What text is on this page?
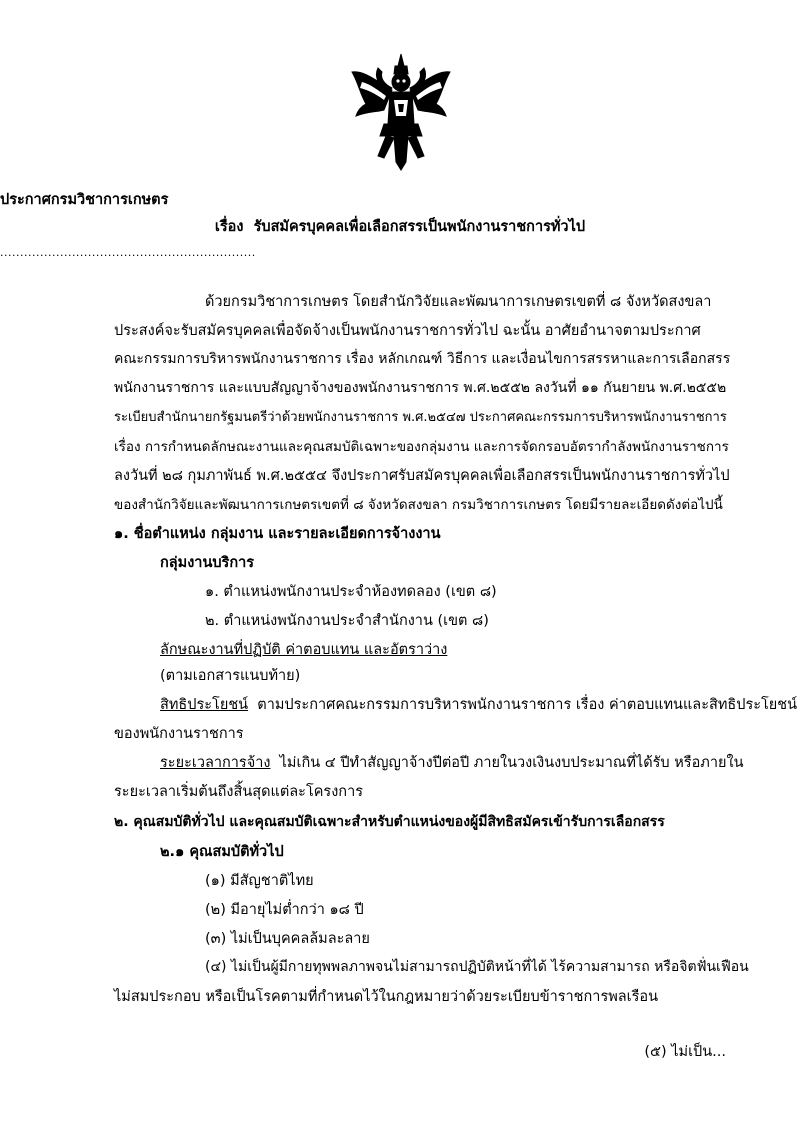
ประกาศกรมวิชาการเกษตร
เรื่อง รับสมัครบุคคลเพื่อเลือกสรรเป็นพนักงานราชการทั่วไป
................................................................
ด้วยกรมวิชาการเกษตร โดยสำนักวิจัยและพัฒนาการเกษตรเขตที่ ๘ จังหวัดสงขลา
ประสงค์จะรับสมัครบุคคลเพื่อจัดจ้างเป็นพนักงานราชการทั่วไป ฉะนั้น อาศัยอำนาจตามประกาศ
คณะกรรมการบริหารพนักงานราชการ เรื่อง หลักเกณฑ์ วิธีการ และเงื่อนไขการสรรหาและการเลือกสรร
พนักงานราชการ และแบบสัญญาจ้างของพนักงานราชการ พ.ศ.๒๕๕๒ ลงวันที่ ๑๑ กันยายน พ.ศ.๒๕๕๒
ระเบียบสำนักนายกรัฐมนตรีว่าด้วยพนักงานราชการ พ.ศ.๒๕๔๗ ประกาศคณะกรรมการบริหารพนักงานราชการ
เรื่อง การกำหนดลักษณะงานและคุณสมบัติเฉพาะของกลุ่มงาน และการจัดกรอบอัตรากำลังพนักงานราชการ
ลงวันที่ ๒๘ กุมภาพันธ์ พ.ศ.๒๕๕๔ จึงประกาศรับสมัครบุคคลเพื่อเลือกสรรเป็นพนักงานราชการทั่วไป
ของสำนักวิจัยและพัฒนาการเกษตรเขตที่ ๘ จังหวัดสงขลา กรมวิชาการเกษตร โดยมีรายละเอียดดังต่อไปนี้
๑. ชื่อตำแหน่ง กลุ่มงาน และรายละเอียดการจ้างงาน
กลุ่มงานบริการ
๑. ตำแหน่งพนักงานประจำห้องทดลอง (เขต ๘)
๒. ตำแหน่งพนักงานประจำสำนักงาน (เขต ๘)
ลักษณะงานที่ปฏิบัติ ค่าตอบแทน และอัตราว่าง
(ตามเอกสารแนบท้าย)
สิทธิประโยชน์ ตามประกาศคณะกรรมการบริหารพนักงานราชการ เรื่อง ค่าตอบแทนและสิทธิประโยชน์
ของพนักงานราชการ
ระยะเวลาการจ้าง ไม่เกิน ๔ ปีทำสัญญาจ้างปีต่อปี ภายในวงเงินงบประมาณที่ได้รับ หรือภายใน
ระยะเวลาเริ่มต้นถึงสิ้นสุดแต่ละโครงการ
๒. คุณสมบัติทั่วไป และคุณสมบัติเฉพาะสำหรับตำแหน่งของผู้มีสิทธิสมัครเข้ารับการเลือกสรร
๒.๑ คุณสมบัติทั่วไป
(๑) มีสัญชาติไทย
(๒) มีอายุไม่ต่ำกว่า ๑๘ ปี
(๓) ไม่เป็นบุคคลล้มละลาย
(๔) ไม่เป็นผู้มีกายทุพพลภาพจนไม่สามารถปฏิบัติหน้าที่ได้ ไร้ความสามารถ หรือจิตฟั่นเฟือน
ไม่สมประกอบ หรือเป็นโรคตามที่กำหนดไว้ในกฎหมายว่าด้วยระเบียบข้าราชการพลเรือน
(๕) ไม่เป็น...
